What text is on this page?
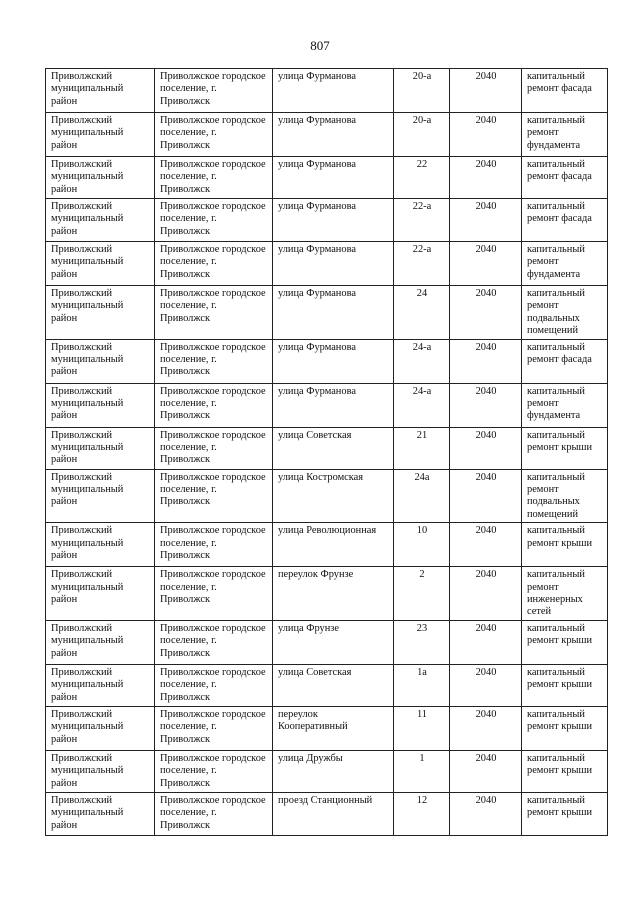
807
Приволжский муниципальный район	Приволжское городское поселение, г. Приволжск	улица Фурманова	20-а	2040	капитальный ремонт фасада
Приволжский муниципальный район	Приволжское городское поселение, г. Приволжск	улица Фурманова	20-а	2040	капитальный ремонт фундамента
Приволжский муниципальный район	Приволжское городское поселение, г. Приволжск	улица Фурманова	22	2040	капитальный ремонт фасада
Приволжский муниципальный район	Приволжское городское поселение, г. Приволжск	улица Фурманова	22-а	2040	капитальный ремонт фасада
Приволжский муниципальный район	Приволжское городское поселение, г. Приволжск	улица Фурманова	22-а	2040	капитальный ремонт фундамента
Приволжский муниципальный район	Приволжское городское поселение, г. Приволжск	улица Фурманова	24	2040	капитальный ремонт подвальных помещений
Приволжский муниципальный район	Приволжское городское поселение, г. Приволжск	улица Фурманова	24-а	2040	капитальный ремонт фасада
Приволжский муниципальный район	Приволжское городское поселение, г. Приволжск	улица Фурманова	24-а	2040	капитальный ремонт фундамента
Приволжский муниципальный район	Приволжское городское поселение, г. Приволжск	улица Советская	21	2040	капитальный ремонт крыши
Приволжский муниципальный район	Приволжское городское поселение, г. Приволжск	улица Костромская	24а	2040	капитальный ремонт подвальных помещений
Приволжский муниципальный район	Приволжское городское поселение, г. Приволжск	улица Революционная	10	2040	капитальный ремонт крыши
Приволжский муниципальный район	Приволжское городское поселение, г. Приволжск	переулок Фрунзе	2	2040	капитальный ремонт инженерных сетей
Приволжский муниципальный район	Приволжское городское поселение, г. Приволжск	улица Фрунзе	23	2040	капитальный ремонт крыши
Приволжский муниципальный район	Приволжское городское поселение, г. Приволжск	улица Советская	1а	2040	капитальный ремонт крыши
Приволжский муниципальный район	Приволжское городское поселение, г. Приволжск	переулок Кооперативный	11	2040	капитальный ремонт крыши
Приволжский муниципальный район	Приволжское городское поселение, г. Приволжск	улица Дружбы	1	2040	капитальный ремонт крыши
Приволжский муниципальный район	Приволжское городское поселение, г. Приволжск	проезд Станционный	12	2040	капитальный ремонт крыши
